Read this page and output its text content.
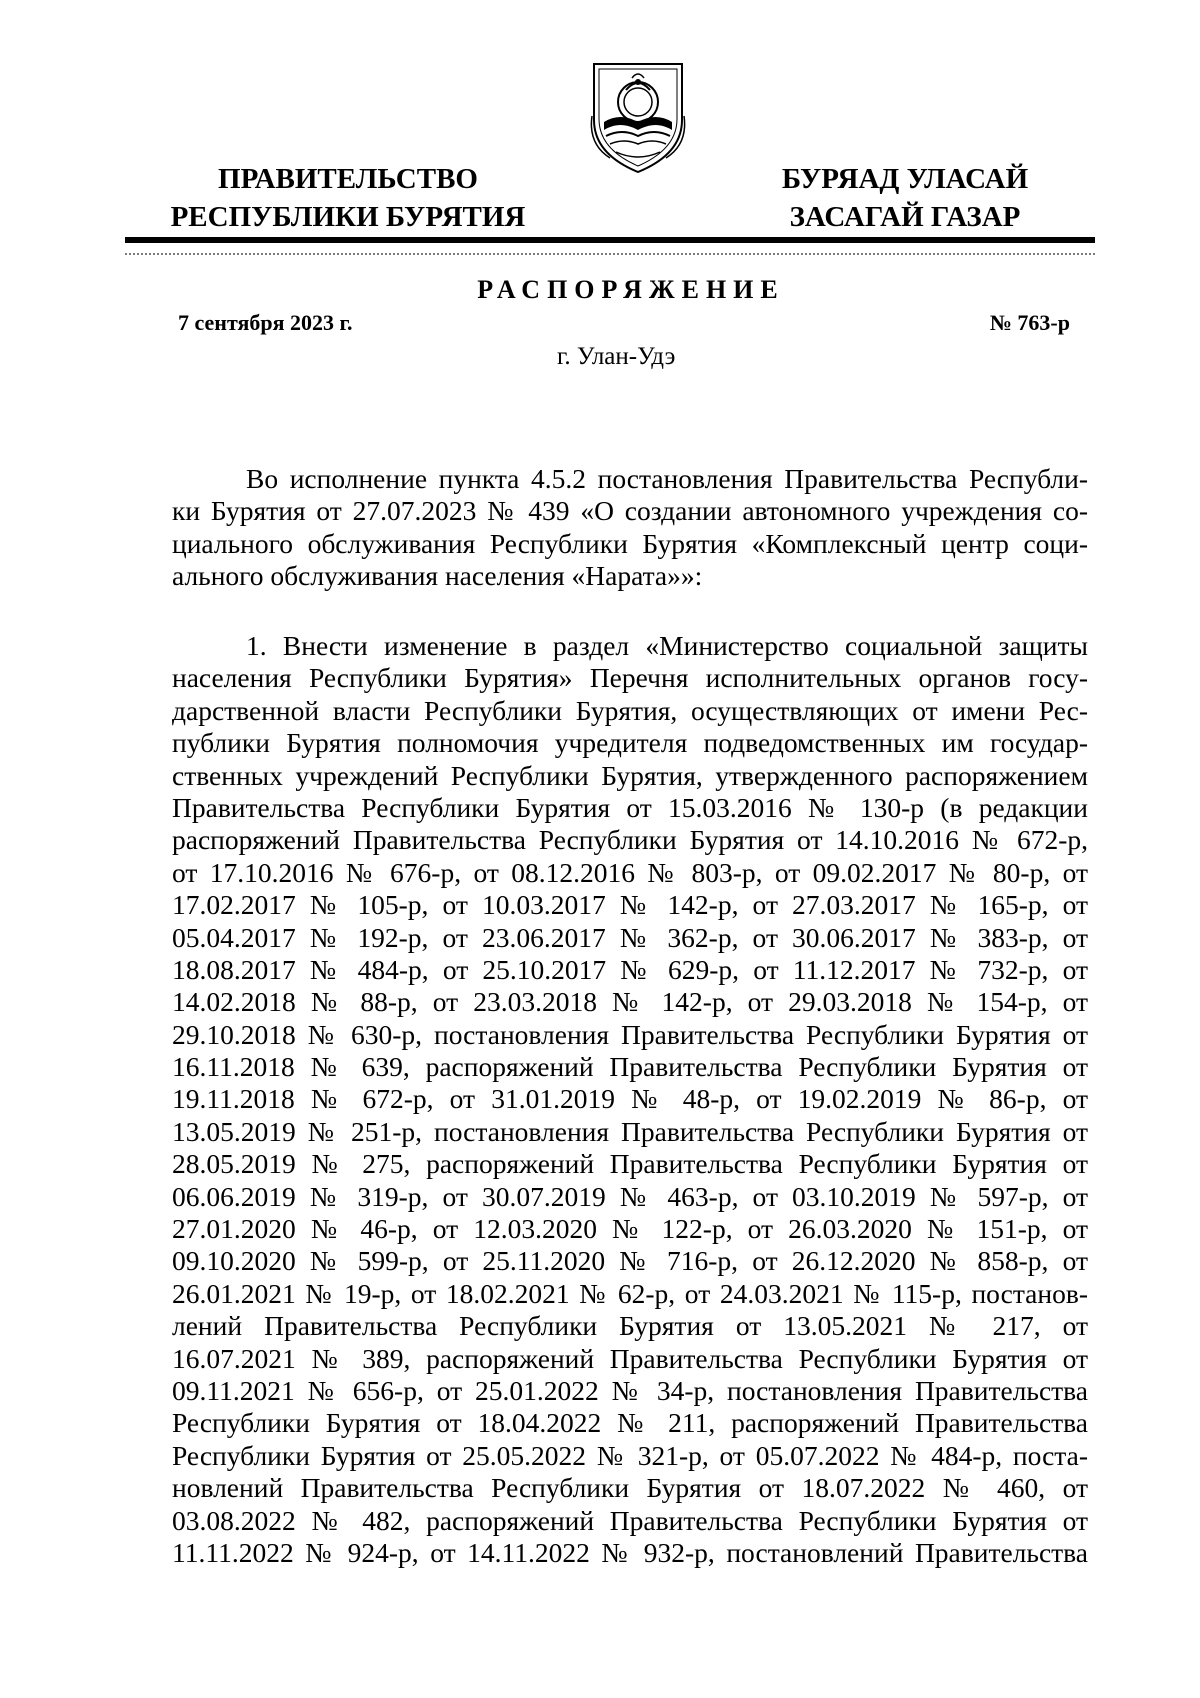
ПРАВИТЕЛЬСТВО
РЕСПУБЛИКИ БУРЯТИЯ
БУРЯАД УЛАСАЙ
ЗАСАГАЙ ГАЗАР
РАСПОРЯЖЕНИЕ
7 сентября 2023 г.	№ 763-р
г. Улан-Удэ
Во исполнение пункта 4.5.2 постановления Правительства Республи-
ки Бурятия от 27.07.2023 № 439 «О создании автономного учреждения со-
циального обслуживания Республики Бурятия «Комплексный центр соци-
ального обслуживания населения «Нарата»»:
1. Внести изменение в раздел «Министерство социальной защиты
населения Республики Бурятия» Перечня исполнительных органов госу-
дарственной власти Республики Бурятия, осуществляющих от имени Рес-
публики Бурятия полномочия учредителя подведомственных им государ-
ственных учреждений Республики Бурятия, утвержденного распоряжением
Правительства Республики Бурятия от 15.03.2016 № 130-р (в редакции
распоряжений Правительства Республики Бурятия от 14.10.2016 № 672-р,
от 17.10.2016 № 676-р, от 08.12.2016 № 803-р, от 09.02.2017 № 80-р, от
17.02.2017 № 105-р, от 10.03.2017 № 142-р, от 27.03.2017 № 165-р, от
05.04.2017 № 192-р, от 23.06.2017 № 362-р, от 30.06.2017 № 383-р, от
18.08.2017 № 484-р, от 25.10.2017 № 629-р, от 11.12.2017 № 732-р, от
14.02.2018 № 88-р, от 23.03.2018 № 142-р, от 29.03.2018 № 154-р, от
29.10.2018 № 630-р, постановления Правительства Республики Бурятия от
16.11.2018 № 639, распоряжений Правительства Республики Бурятия от
19.11.2018 № 672-р, от 31.01.2019 № 48-р, от 19.02.2019 № 86-р, от
13.05.2019 № 251-р, постановления Правительства Республики Бурятия от
28.05.2019 № 275, распоряжений Правительства Республики Бурятия от
06.06.2019 № 319-р, от 30.07.2019 № 463-р, от 03.10.2019 № 597-р, от
27.01.2020 № 46-р, от 12.03.2020 № 122-р, от 26.03.2020 № 151-р, от
09.10.2020 № 599-р, от 25.11.2020 № 716-р, от 26.12.2020 № 858-р, от
26.01.2021 № 19-р, от 18.02.2021 № 62-р, от 24.03.2021 № 115-р, постанов-
лений Правительства Республики Бурятия от 13.05.2021 № 217, от
16.07.2021 № 389, распоряжений Правительства Республики Бурятия от
09.11.2021 № 656-р, от 25.01.2022 № 34-р, постановления Правительства
Республики Бурятия от 18.04.2022 № 211, распоряжений Правительства
Республики Бурятия от 25.05.2022 № 321-р, от 05.07.2022 № 484-р, поста-
новлений Правительства Республики Бурятия от 18.07.2022 № 460, от
03.08.2022 № 482, распоряжений Правительства Республики Бурятия от
11.11.2022 № 924-р, от 14.11.2022 № 932-р, постановлений Правительства
